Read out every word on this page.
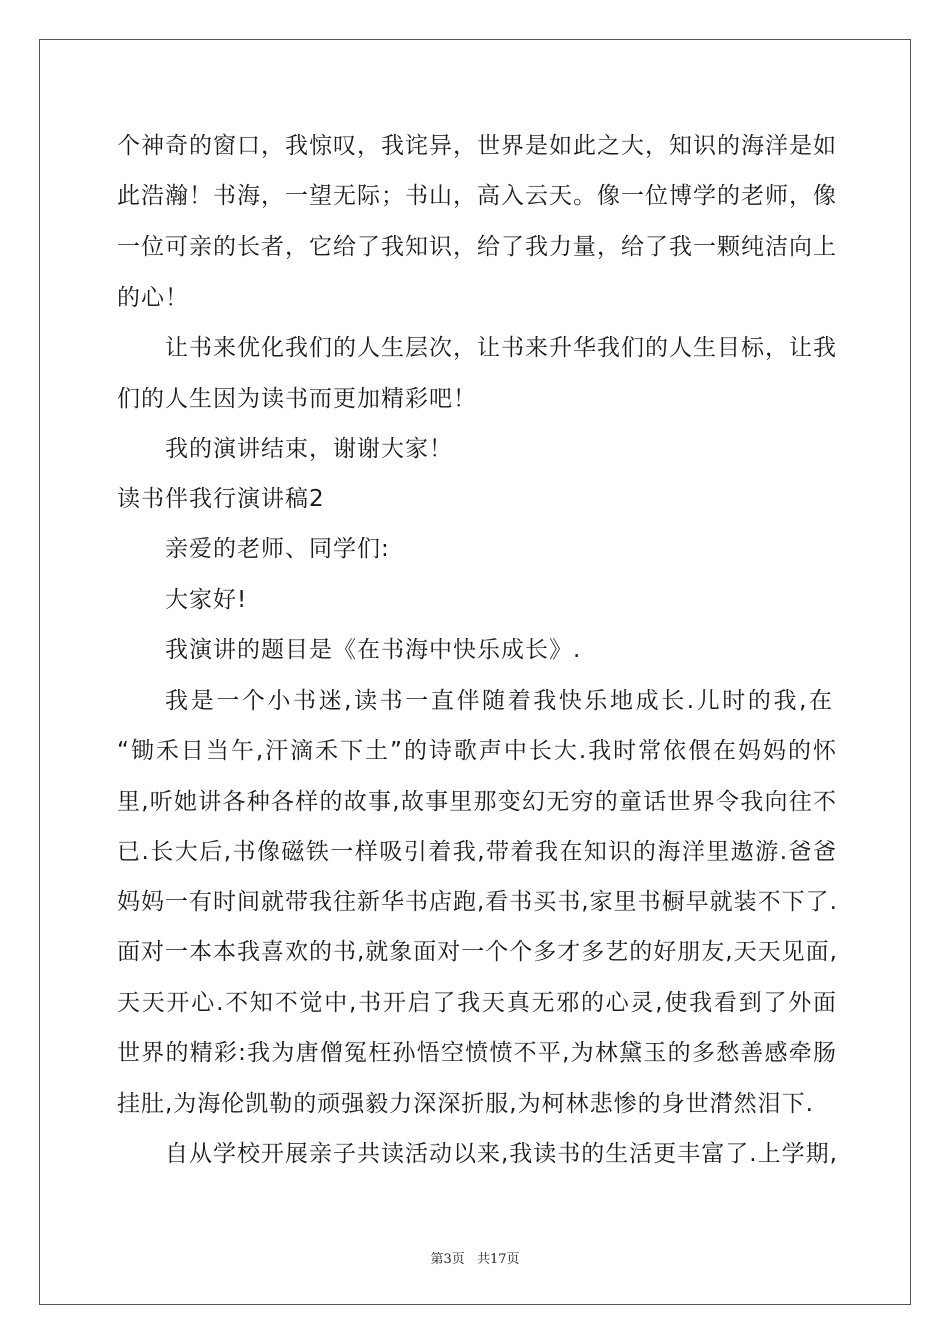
个神奇的窗口，我惊叹，我诧异，世界是如此之大，知识的海洋是如
此浩瀚！书海，一望无际；书山，高入云天。像一位博学的老师，像
一位可亲的长者，它给了我知识，给了我力量，给了我一颗纯洁向上
的心！
让书来优化我们的人生层次，让书来升华我们的人生目标，让我
们的人生因为读书而更加精彩吧！
我的演讲结束，谢谢大家！
读书伴我行演讲稿2
亲爱的老师、同学们:
大家好!
我演讲的题目是《在书海中快乐成长》.
我是一个小书迷,读书一直伴随着我快乐地成长.儿时的我,在
“锄禾日当午,汗滴禾下土”的诗歌声中长大.我时常依偎在妈妈的怀
里,听她讲各种各样的故事,故事里那变幻无穷的童话世界令我向往不
已.长大后,书像磁铁一样吸引着我,带着我在知识的海洋里遨游.爸爸
妈妈一有时间就带我往新华书店跑,看书买书,家里书橱早就装不下了.
面对一本本我喜欢的书,就象面对一个个多才多艺的好朋友,天天见面,
天天开心.不知不觉中,书开启了我天真无邪的心灵,使我看到了外面
世界的精彩:我为唐僧冤枉孙悟空愤愤不平,为林黛玉的多愁善感牵肠
挂肚,为海伦凯勒的顽强毅力深深折服,为柯林悲惨的身世潸然泪下.
自从学校开展亲子共读活动以来,我读书的生活更丰富了.上学期,
第3页 共17页
